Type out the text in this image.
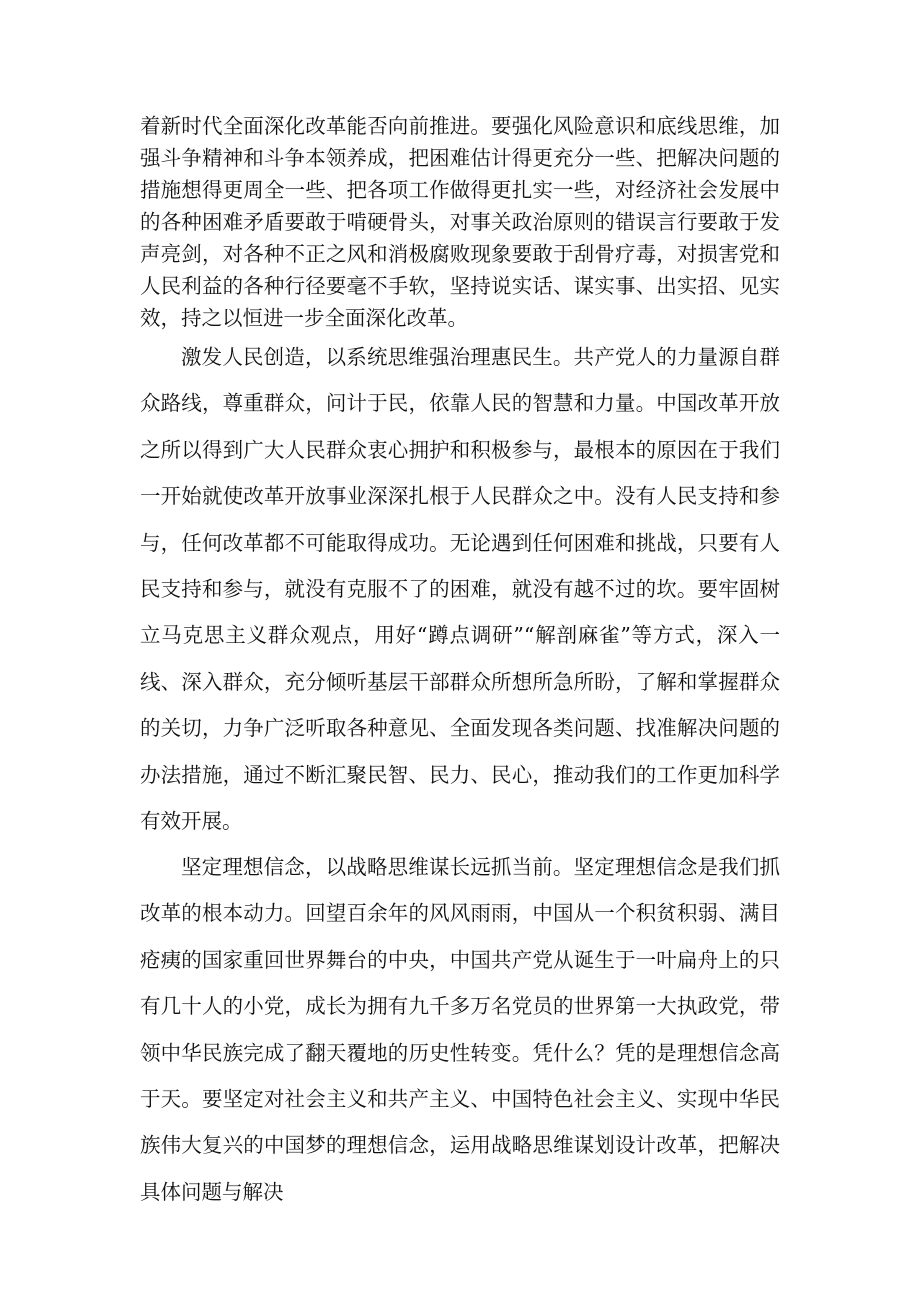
着新时代全面深化改革能否向前推进。要强化风险意识和底线思维，加强斗争精神和斗争本领养成，把困难估计得更充分一些、把解决问题的措施想得更周全一些、把各项工作做得更扎实一些，对经济社会发展中的各种困难矛盾要敢于啃硬骨头，对事关政治原则的错误言行要敢于发声亮剑，对各种不正之风和消极腐败现象要敢于刮骨疗毒，对损害党和人民利益的各种行径要毫不手软，坚持说实话、谋实事、出实招、见实效，持之以恒进一步全面深化改革。

激发人民创造，以系统思维强治理惠民生。共产党人的力量源自群众路线，尊重群众，问计于民，依靠人民的智慧和力量。中国改革开放之所以得到广大人民群众衷心拥护和积极参与，最根本的原因在于我们一开始就使改革开放事业深深扎根于人民群众之中。没有人民支持和参与，任何改革都不可能取得成功。无论遇到任何困难和挑战，只要有人民支持和参与，就没有克服不了的困难，就没有越不过的坎。要牢固树立马克思主义群众观点，用好“蹲点调研”“解剖麻雀”等方式，深入一线、深入群众，充分倾听基层干部群众所想所急所盼，了解和掌握群众的关切，力争广泛听取各种意见、全面发现各类问题、找准解决问题的办法措施，通过不断汇聚民智、民力、民心，推动我们的工作更加科学有效开展。

坚定理想信念，以战略思维谋长远抓当前。坚定理想信念是我们抓改革的根本动力。回望百余年的风风雨雨，中国从一个积贫积弱、满目疮痍的国家重回世界舞台的中央，中国共产党从诞生于一叶扁舟上的只有几十人的小党，成长为拥有九千多万名党员的世界第一大执政党，带领中华民族完成了翻天覆地的历史性转变。凭什么？凭的是理想信念高于天。要坚定对社会主义和共产主义、中国特色社会主义、实现中华民族伟大复兴的中国梦的理想信念，运用战略思维谋划设计改革，把解决具体问题与解决
